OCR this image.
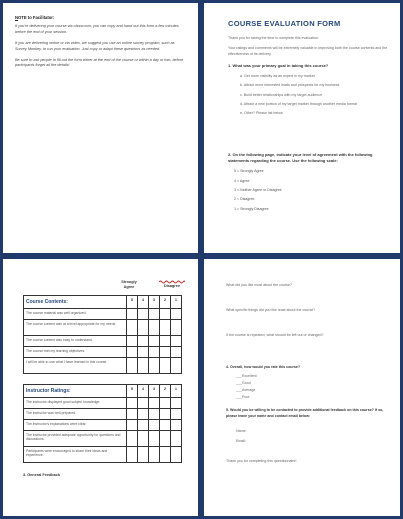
NOTE to Facilitator:

If you're delivering your course via classroom, you can copy and hand out this form a few minutes before the end of your session.

If you are delivering online or via video, we suggest you use an online survey program, such as Survey Monkey, to run your evaluation. Just copy or adapt these questions as needed.

Be sure to ask people to fill out the form either at the end of the course or within a day or two, before participants forget all the details!

COURSE EVALUATION FORM

Thank you for taking the time to complete this evaluation.

Your ratings and comments will be extremely valuable in improving both the course contents and the effectiveness of its delivery.

1. What was your primary goal in taking this course?

a. Get more visibility as an expert in my market

b. Attract more interested leads and prospects for my business

c. Build better relationships with my target audience

d. Attract a new portion of my target market through another media format

e. Other? Please list below

2. On the following page, indicate your level of agreement with the following statements regarding the course. Use the following scale:

5 = Strongly Agree

4 = Agree

3 = Neither Agree or Disagree

2 = Disagree

1 = Strongly Disagree

Strongly Agree	Disagree
Course Contents:	5	4	3	2	1
The course material was well organized.					
The course content was at a level appropriate for my needs.					
The course content was easy to understand.					
The course met my learning objectives.					
I will be able to use what I have learned in this course.					
Instructor Ratings:	5	4	3	2	1
The instructor displayed good subject knowledge.					
The instructor was well-prepared.					
The instructor's explanations were clear.					
The instructor provided adequate opportunity for questions and discussions.					
Participants were encouraged to share their ideas and experience.					
3. General Feedback

What did you like most about the course?

What specific things did you like least about the course?

If the course is repeated, what should be left out or changed?

4. Overall, how would you rate this course?

___Excellent

___Good

___Average

___Poor

5. Would you be willing to be contacted to provide additional feedback on this course? If so, please leave your name and contact email below:

Name:

Email:

Thank you for completing this questionnaire!
